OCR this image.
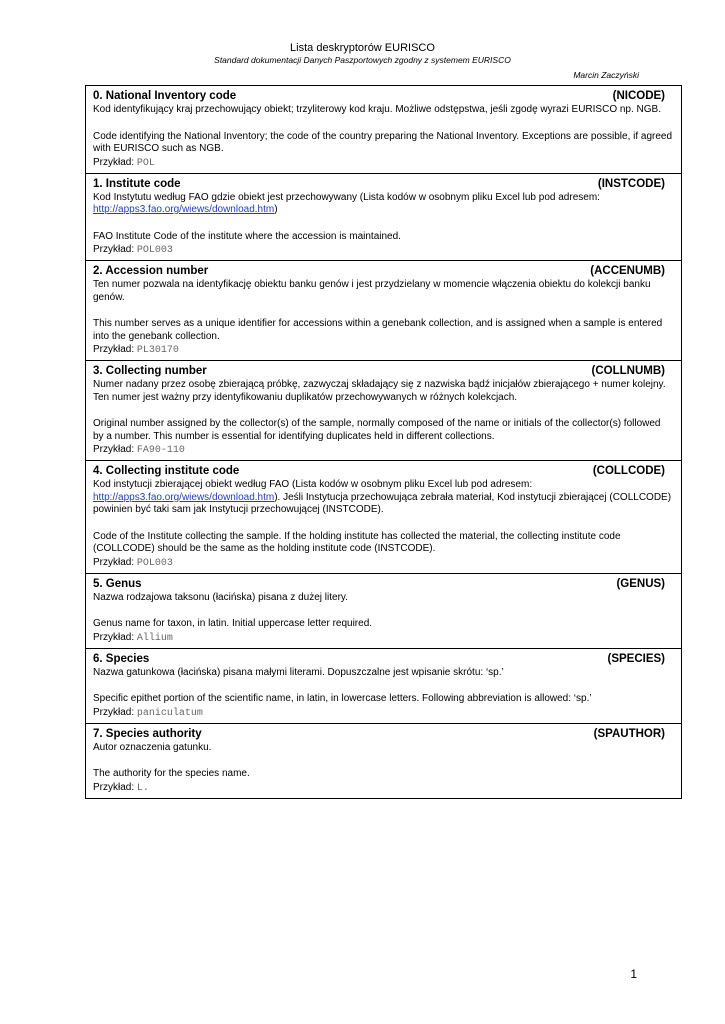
Lista deskryptorów EURISCO
Standard dokumentacji Danych Paszportowych zgodny z systemem EURISCO
Marcin Zaczyński
0. National Inventory code	(NICODE)

Kod identyfikujący kraj przechowujący obiekt; trzyliterowy kod kraju. Możliwe odstępstwa, jeśli zgodę wyrazi EURISCO np. NGB.

Code identifying the National Inventory; the code of the country preparing the National Inventory. Exceptions are possible, if agreed with EURISCO such as NGB.

Przykład: POL
1. Institute code	(INSTCODE)

Kod Instytutu według FAO gdzie obiekt jest przechowywany (Lista kodów w osobnym pliku Excel lub pod adresem: http://apps3.fao.org/wiews/download.htm)

FAO Institute Code of the institute where the accession is maintained.

Przykład: POL003
2. Accession number	(ACCENUMB)

Ten numer pozwala na identyfikację obiektu banku genów i jest przydzielany w momencie włączenia obiektu do kolekcji banku genów.

This number serves as a unique identifier for accessions within a genebank collection, and is assigned when a sample is entered into the genebank collection.

Przykład: PL30170
3. Collecting number	(COLLNUMB)

Numer nadany przez osobę zbierającą próbkę, zazwyczaj składający się z nazwiska bądź inicjałów zbierającego + numer kolejny. Ten numer jest ważny przy identyfikowaniu duplikatów przechowywanych w różnych kolekcjach.

Original number assigned by the collector(s) of the sample, normally composed of the name or initials of the collector(s) followed by a number. This number is essential for identifying duplicates held in different collections.

Przykład: FA90-110
4. Collecting institute code	(COLLCODE)

Kod instytucji zbierającej obiekt według FAO (Lista kodów w osobnym pliku Excel lub pod adresem: http://apps3.fao.org/wiews/download.htm). Jeśli Instytucja przechowująca zebrała materiał, Kod instytucji zbierającej (COLLCODE) powinien być taki sam jak Instytucji przechowującej (INSTCODE).

Code of the Institute collecting the sample. If the holding institute has collected the material, the collecting institute code (COLLCODE) should be the same as the holding institute code (INSTCODE).

Przykład: POL003
5. Genus	(GENUS)

Nazwa rodzajowa taksonu (łacińska) pisana z dużej litery.

Genus name for taxon, in latin. Initial uppercase letter required.

Przykład: Allium
6. Species	(SPECIES)

Nazwa gatunkowa (łacińska) pisana małymi literami. Dopuszczalne jest wpisanie skrótu: ‘sp.’

Specific epithet portion of the scientific name, in latin, in lowercase letters. Following abbreviation is allowed: ‘sp.’

Przykład: paniculatum
7. Species authority	(SPAUTHOR)

Autor oznaczenia gatunku.

The authority for the species name.

Przykład: L.
1
